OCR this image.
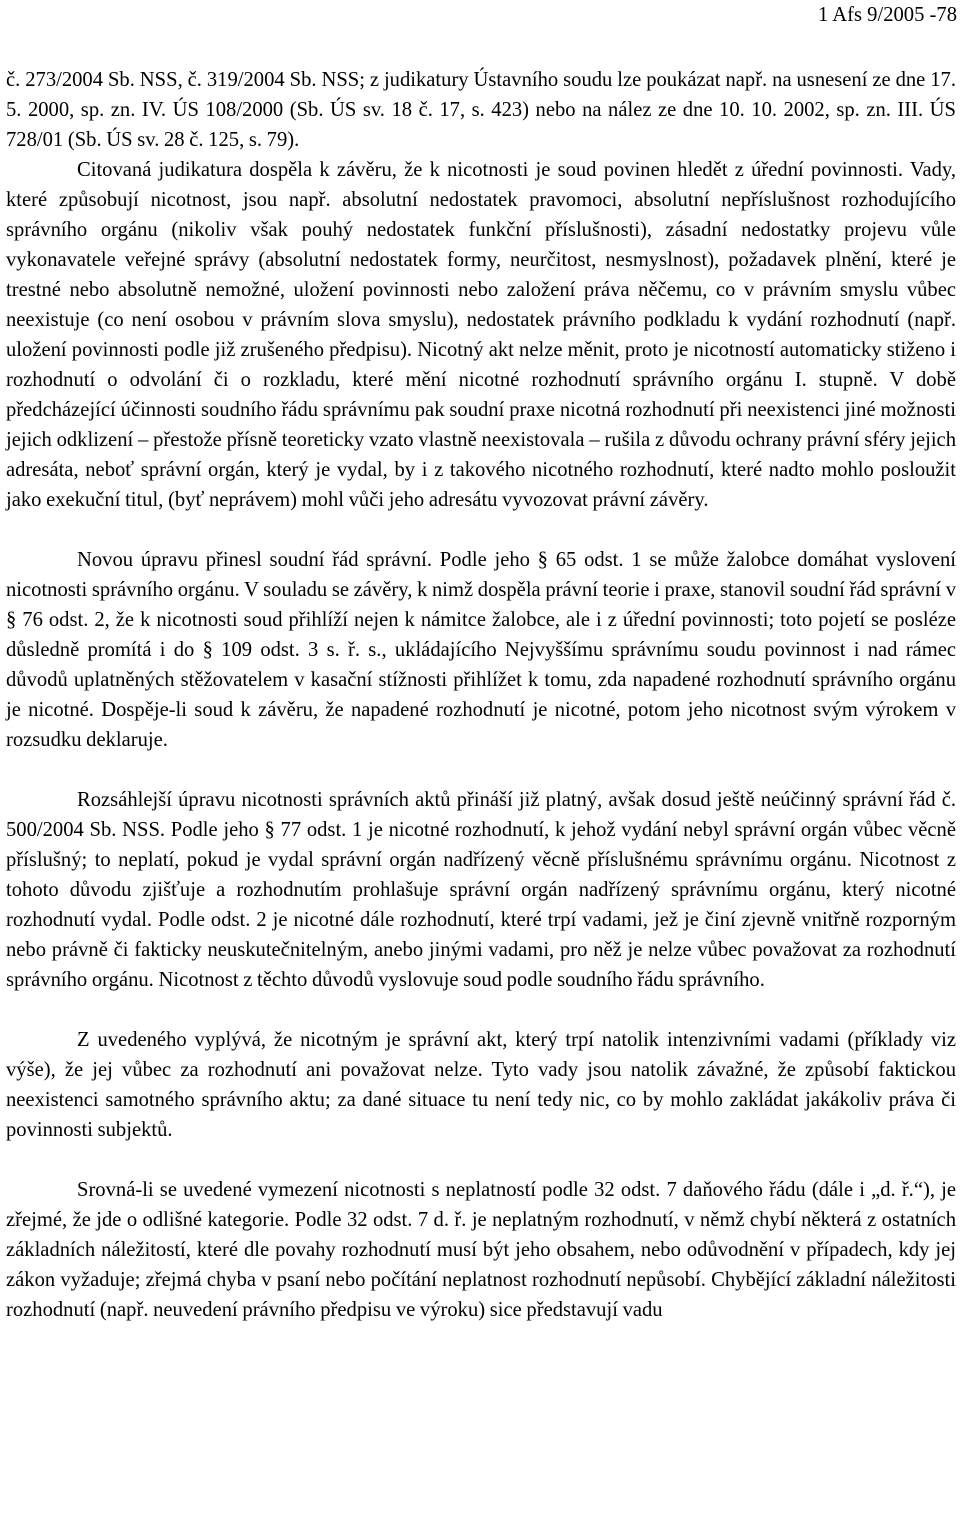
1 Afs 9/2005 -78

č. 273/2004 Sb. NSS, č. 319/2004 Sb. NSS; z judikatury Ústavního soudu lze poukázat např. na usnesení ze dne 17. 5. 2000, sp. zn. IV. ÚS 108/2000 (Sb. ÚS sv. 18 č. 17, s. 423) nebo na nález ze dne 10. 10. 2002, sp. zn. III. ÚS 728/01 (Sb. ÚS sv. 28 č. 125, s. 79).

Citovaná judikatura dospěla k závěru, že k nicotnosti je soud povinen hledět z úřední povinnosti. Vady, které způsobují nicotnost, jsou např. absolutní nedostatek pravomoci, absolutní nepříslušnost rozhodujícího správního orgánu (nikoliv však pouhý nedostatek funkční příslušnosti), zásadní nedostatky projevu vůle vykonavatele veřejné správy (absolutní nedostatek formy, neurčitost, nesmyslnost), požadavek plnění, které je trestné nebo absolutně nemožné, uložení povinnosti nebo založení práva něčemu, co v právním smyslu vůbec neexistuje (co není osobou v právním slova smyslu), nedostatek právního podkladu k vydání rozhodnutí (např. uložení povinnosti podle již zrušeného předpisu). Nicotný akt nelze měnit, proto je nicotností automaticky stiženo i rozhodnutí o odvolání či o rozkladu, které mění nicotné rozhodnutí správního orgánu I. stupně. V době předcházející účinnosti soudního řádu správnímu pak soudní praxe nicotná rozhodnutí při neexistenci jiné možnosti jejich odklizení – přestože přísně teoreticky vzato vlastně neexistovala – rušila z důvodu ochrany právní sféry jejich adresáta, neboť správní orgán, který je vydal, by i z takového nicotného rozhodnutí, které nadto mohlo posloužit jako exekuční titul, (byť neprávem) mohl vůči jeho adresátu vyvozovat právní závěry.

Novou úpravu přinesl soudní řád správní. Podle jeho § 65 odst. 1 se může žalobce domáhat vyslovení nicotnosti správního orgánu. V souladu se závěry, k nimž dospěla právní teorie i praxe, stanovil soudní řád správní v § 76 odst. 2, že k nicotnosti soud přihlíží nejen k námitce žalobce, ale i z úřední povinnosti; toto pojetí se posléze důsledně promítá i do § 109 odst. 3 s. ř. s., ukládajícího Nejvyššímu správnímu soudu povinnost i nad rámec důvodů uplatněných stěžovatelem v kasační stížnosti přihlížet k tomu, zda napadené rozhodnutí správního orgánu je nicotné. Dospěje-li soud k závěru, že napadené rozhodnutí je nicotné, potom jeho nicotnost svým výrokem v rozsudku deklaruje.

Rozsáhlejší úpravu nicotnosti správních aktů přináší již platný, avšak dosud ještě neúčinný správní řád č. 500/2004 Sb. NSS. Podle jeho § 77 odst. 1 je nicotné rozhodnutí, k jehož vydání nebyl správní orgán vůbec věcně příslušný; to neplatí, pokud je vydal správní orgán nadřízený věcně příslušnému správnímu orgánu. Nicotnost z tohoto důvodu zjišťuje a rozhodnutím prohlašuje správní orgán nadřízený správnímu orgánu, který nicotné rozhodnutí vydal. Podle odst. 2 je nicotné dále rozhodnutí, které trpí vadami, jež je činí zjevně vnitřně rozporným nebo právně či fakticky neuskutečnitelným, anebo jinými vadami, pro něž je nelze vůbec považovat za rozhodnutí správního orgánu. Nicotnost z těchto důvodů vyslovuje soud podle soudního řádu správního.

Z uvedeného vyplývá, že nicotným je správní akt, který trpí natolik intenzivními vadami (příklady viz výše), že jej vůbec za rozhodnutí ani považovat nelze. Tyto vady jsou natolik závažné, že způsobí faktickou neexistenci samotného správního aktu; za dané situace tu není tedy nic, co by mohlo zakládat jakákoliv práva či povinnosti subjektů.

Srovná-li se uvedené vymezení nicotnosti s neplatností podle 32 odst. 7 daňového řádu (dále i „d. ř.“), je zřejmé, že jde o odlišné kategorie. Podle 32 odst. 7 d. ř. je neplatným rozhodnutí, v němž chybí některá z ostatních základních náležitostí, které dle povahy rozhodnutí musí být jeho obsahem, nebo odůvodnění v případech, kdy jej zákon vyžaduje; zřejmá chyba v psaní nebo počítání neplatnost rozhodnutí nepůsobí. Chybějící základní náležitosti rozhodnutí (např. neuvedení právního předpisu ve výroku) sice představují vadu
